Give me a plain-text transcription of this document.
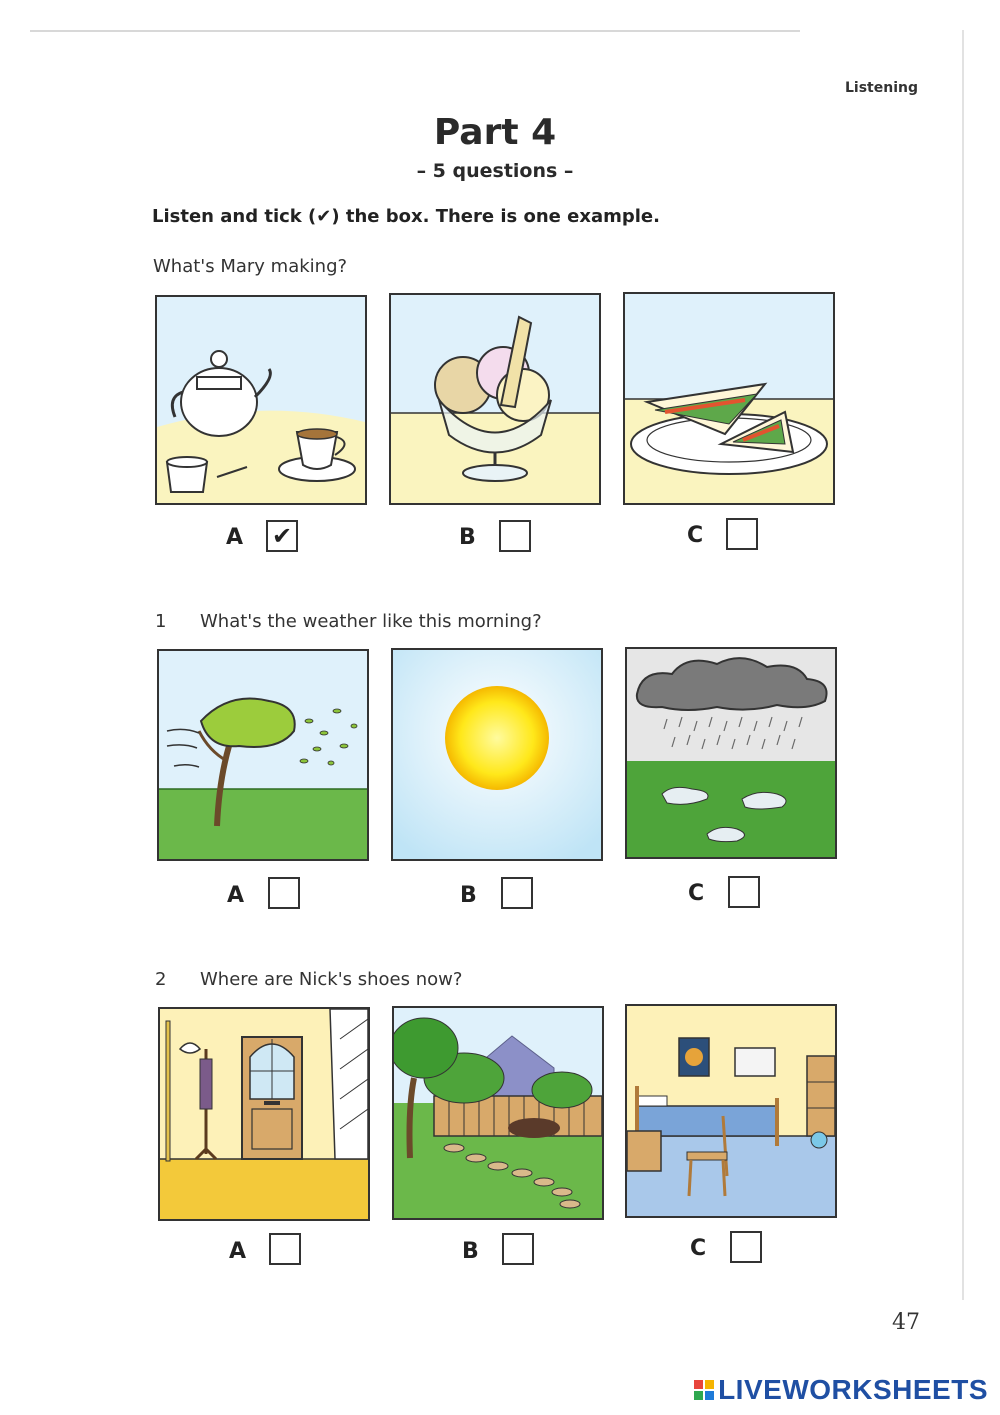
Listening
Part 4
– 5 questions –
Listen and tick (✔) the box. There is one example.
What's Mary making?
A ✔	B	C
1 What's the weather like this morning?
A	B	C
2 Where are Nick's shoes now?
A	B	C
47
LIVEWORKSHEETS
